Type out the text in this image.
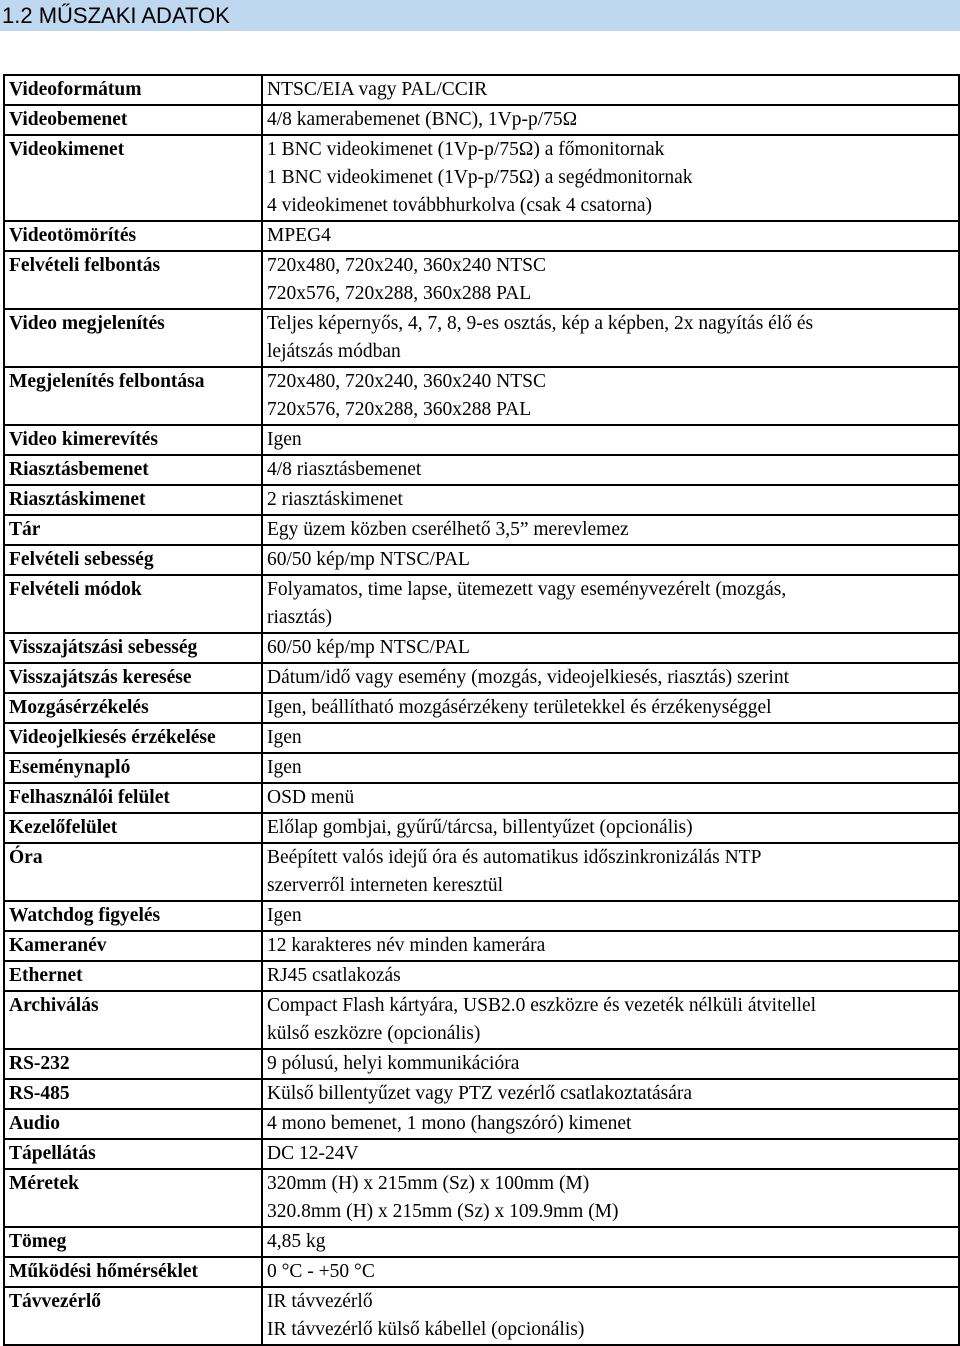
1.2 MŰSZAKI ADATOK
Videoformátum	NTSC/EIA vagy PAL/CCIR

Videobemenet	4/8 kamerabemenet (BNC), 1Vp-p/75Ω

Videokimenet	1 BNC videokimenet (1Vp-p/75Ω) a főmonitornak
1 BNC videokimenet (1Vp-p/75Ω) a segédmonitornak
4 videokimenet továbbhurkolva (csak 4 csatorna)

Videotömörítés	MPEG4

Felvételi felbontás	720x480, 720x240, 360x240 NTSC
720x576, 720x288, 360x288 PAL

Video megjelenítés	Teljes képernyős, 4, 7, 8, 9-es osztás, kép a képben, 2x nagyítás élő és
lejátszás módban

Megjelenítés felbontása	720x480, 720x240, 360x240 NTSC
720x576, 720x288, 360x288 PAL

Video kimerevítés	Igen

Riasztásbemenet	4/8 riasztásbemenet

Riasztáskimenet	2 riasztáskimenet

Tár	Egy üzem közben cserélhető 3,5” merevlemez

Felvételi sebesség	60/50 kép/mp NTSC/PAL

Felvételi módok	Folyamatos, time lapse, ütemezett vagy eseményvezérelt (mozgás,
riasztás)

Visszajátszási sebesség	60/50 kép/mp NTSC/PAL

Visszajátszás keresése	Dátum/idő vagy esemény (mozgás, videojelkiesés, riasztás) szerint

Mozgásérzékelés	Igen, beállítható mozgásérzékeny területekkel és érzékenységgel

Videojelkiesés érzékelése	Igen

Eseménynapló	Igen

Felhasználói felület	OSD menü

Kezelőfelület	Előlap gombjai, gyűrű/tárcsa, billentyűzet (opcionális)

Óra	Beépített valós idejű óra és automatikus időszinkronizálás NTP
szerverről interneten keresztül

Watchdog figyelés	Igen

Kameranév	12 karakteres név minden kamerára

Ethernet	RJ45 csatlakozás

Archiválás	Compact Flash kártyára, USB2.0 eszközre és vezeték nélküli átvitellel
külső eszközre (opcionális)

RS-232	9 pólusú, helyi kommunikációra

RS-485	Külső billentyűzet vagy PTZ vezérlő csatlakoztatására

Audio	4 mono bemenet, 1 mono (hangszóró) kimenet

Tápellátás	DC 12-24V

Méretek	320mm (H) x 215mm (Sz) x 100mm (M)
320.8mm (H) x 215mm (Sz) x 109.9mm (M)

Tömeg	4,85 kg

Működési hőmérséklet	0 °C - +50 °C

Távvezérlő	IR távvezérlő
IR távvezérlő külső kábellel (opcionális)
